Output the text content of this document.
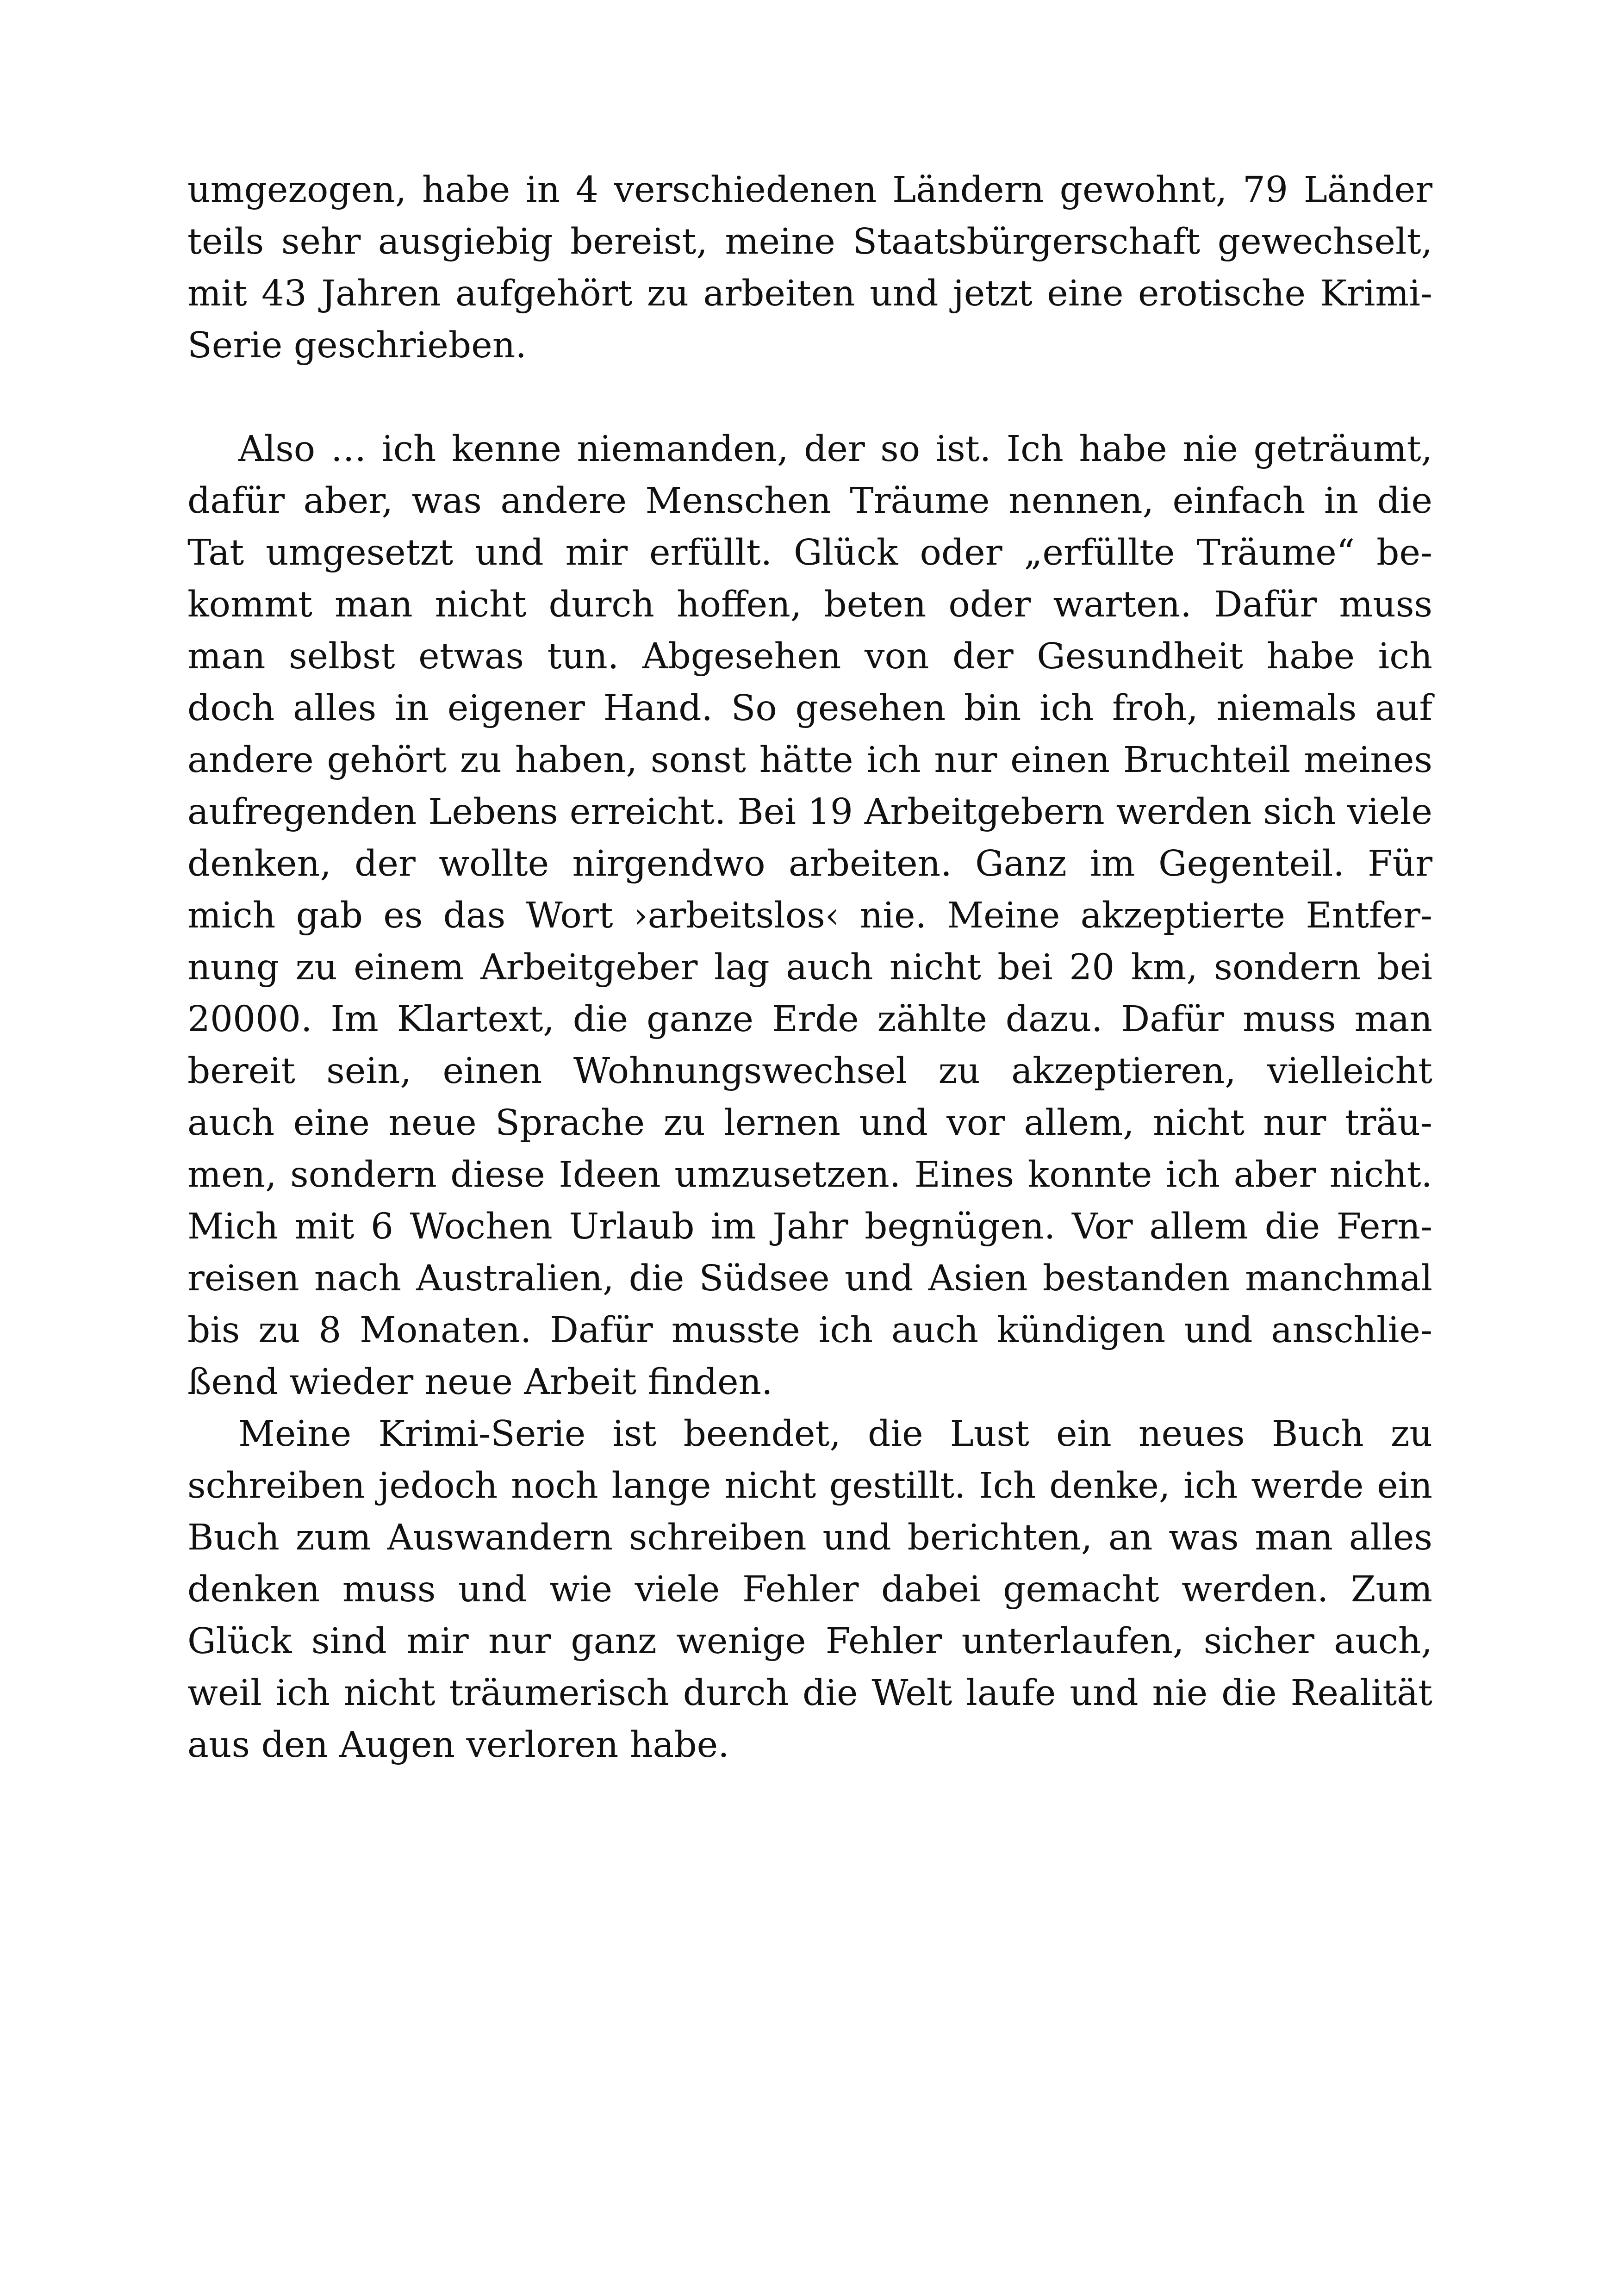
umgezogen, habe in 4 verschiedenen Ländern gewohnt, 79 Länder
teils sehr ausgiebig bereist, meine Staatsbürgerschaft gewechselt,
mit 43 Jahren aufgehört zu arbeiten und jetzt eine erotische Krimi-
Serie geschrieben.
Also … ich kenne niemanden, der so ist. Ich habe nie geträumt,
dafür aber, was andere Menschen Träume nennen, einfach in die
Tat umgesetzt und mir erfüllt. Glück oder „erfüllte Träume“ be-
kommt man nicht durch hoffen, beten oder warten. Dafür muss
man selbst etwas tun. Abgesehen von der Gesundheit habe ich
doch alles in eigener Hand. So gesehen bin ich froh, niemals auf
andere gehört zu haben, sonst hätte ich nur einen Bruchteil meines
aufregenden Lebens erreicht. Bei 19 Arbeitgebern werden sich viele
denken, der wollte nirgendwo arbeiten. Ganz im Gegenteil. Für
mich gab es das Wort ›arbeitslos‹ nie. Meine akzeptierte Entfer-
nung zu einem Arbeitgeber lag auch nicht bei 20 km, sondern bei
20000. Im Klartext, die ganze Erde zählte dazu. Dafür muss man
bereit sein, einen Wohnungswechsel zu akzeptieren, vielleicht
auch eine neue Sprache zu lernen und vor allem, nicht nur träu-
men, sondern diese Ideen umzusetzen. Eines konnte ich aber nicht.
Mich mit 6 Wochen Urlaub im Jahr begnügen. Vor allem die Fern-
reisen nach Australien, die Südsee und Asien bestanden manchmal
bis zu 8 Monaten. Dafür musste ich auch kündigen und anschlie-
ßend wieder neue Arbeit finden.
Meine Krimi-Serie ist beendet, die Lust ein neues Buch zu
schreiben jedoch noch lange nicht gestillt. Ich denke, ich werde ein
Buch zum Auswandern schreiben und berichten, an was man alles
denken muss und wie viele Fehler dabei gemacht werden. Zum
Glück sind mir nur ganz wenige Fehler unterlaufen, sicher auch,
weil ich nicht träumerisch durch die Welt laufe und nie die Realität
aus den Augen verloren habe.
